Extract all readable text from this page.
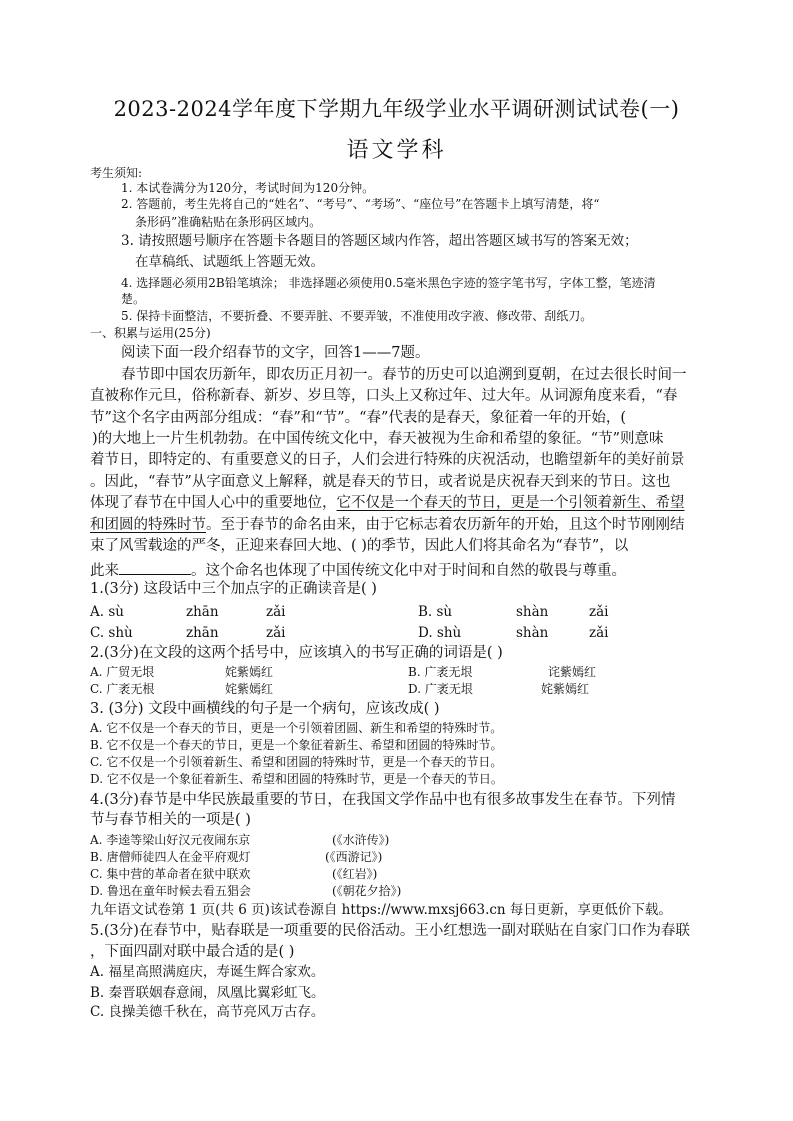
2023-2024学年度下学期九年级学业水平调研测试试卷(一)
语文学科
考生须知:
1. 本试卷满分为120分，考试时间为120分钟。
2. 答题前，考生先将自己的“姓名”、“考号”、“考场”、“座位号”在答题卡上填写清楚，将“
条形码”准确粘贴在条形码区域内。
3. 请按照题号顺序在答题卡各题目的答题区域内作答，超出答题区域书写的答案无效；
在草稿纸、试题纸上答题无效。
4. 选择题必须用2B铅笔填涂； 非选择题必须使用0.5毫米黑色字迹的签字笔书写，字体工整，笔迹清
楚。
5. 保持卡面整洁，不要折叠、不要弄脏、不要弄皱，不准使用改字液、修改带、刮纸刀。
一、积累与运用(25分)
阅读下面一段介绍春节的文字，回答1——7题。
春节即中国农历新年，即农历正月初一。春节的历史可以追溯到夏朝，在过去很长时间一
直被称作元旦，俗称新春、新岁、岁旦等，口头上又称过年、过大年。从词源角度来看，“春
节”这个名字由两部分组成：“春”和“节”。“春”代表的是春天，象征着一年的开始，(
)的大地上一片生机勃勃。在中国传统文化中，春天被视为生命和希望的象征。“节”则意味
着节日，即特定的、有重要意义的日子，人们会进行特殊的庆祝活动，也瞻望新年的美好前景
。因此，“春节”从字面意义上解释，就是春天的节日，或者说是庆祝春天到来的节日。这也
体现了春节在中国人心中的重要地位，它不仅是一个春天的节日，更是一个引领着新生、希望
和团圆的特殊时节。至于春节的命名由来，由于它标志着农历新年的开始，且这个时节刚刚结
束了风雪载途的严冬，正迎来春回大地、( )的季节，因此人们将其命名为“春节”，以
此来	。这个命名也体现了中国传统文化中对于时间和自然的敬畏与尊重。
1.(3分) 这段话中三个加点字的正确读音是( )
A. sù	zhān	zǎi	B. sù	shàn	zǎi
C. shù	zhān	zǎi	D. shù	shàn	zǎi
2.(3分)在文段的这两个括号中，应该填入的书写正确的词语是( )
A. 广贸无垠	姹紫嫣红	B. 广袤无垠	诧紫嫣红
C. 广袤无根	姹紫嫣红	D. 广袤无垠	姹紫嫣红
3. (3分) 文段中画横线的句子是一个病句，应该改成( )
A. 它不仅是一个春天的节日，更是一个引领着团圆、新生和希望的特殊时节。
B. 它不仅是一个春天的节日，更是一个象征着新生、希望和团圆的特殊时节。
C. 它不仅是一个引领着新生、希望和团圆的特殊时节，更是一个春天的节日。
D. 它不仅是一个象征着新生、希望和团圆的特殊时节，更是一个春天的节日。
4.(3分)春节是中华民族最重要的节日，在我国文学作品中也有很多故事发生在春节。下列情
节与春节相关的一项是( )
A. 李逵等梁山好汉元夜闹东京	(《水浒传》)
B. 唐僧师徒四人在金平府观灯	(《西游记》)
C. 集中营的革命者在狱中联欢	(《红岩》)
D. 鲁迅在童年时候去看五猖会	(《朝花夕拾》)
九年语文试卷第 1 页(共 6 页)该试卷源自 https://www.mxsj663.cn 每日更新，享更低价下载。
5.(3分)在春节中，贴春联是一项重要的民俗活动。王小红想选一副对联贴在自家门口作为春联
，下面四副对联中最合适的是( )
A. 福星高照满庭庆，寿诞生辉合家欢。
B. 秦晋联姻春意闹，凤凰比翼彩虹飞。
C. 良操美德千秋在，高节亮风万古存。
